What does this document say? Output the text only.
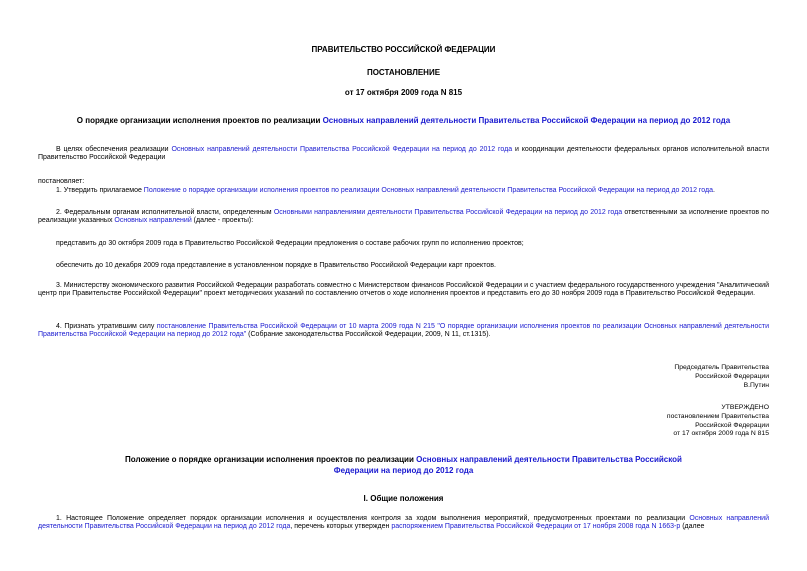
ПРАВИТЕЛЬСТВО РОССИЙСКОЙ ФЕДЕРАЦИИ
ПОСТАНОВЛЕНИЕ
от 17 октября 2009 года N 815
О порядке организации исполнения проектов по реализации Основных направлений деятельности Правительства Российской Федерации на период до 2012 года

В целях обеспечения реализации Основных направлений деятельности Правительства Российской Федерации на период до 2012 года и координации деятельности федеральных органов исполнительной власти Правительство Российской Федерации

постановляет:

1. Утвердить прилагаемое Положение о порядке организации исполнения проектов по реализации Основных направлений деятельности Правительства Российской Федерации на период до 2012 года.

2. Федеральным органам исполнительной власти, определенным Основными направлениями деятельности Правительства Российской Федерации на период до 2012 года ответственными за исполнение проектов по реализации указанных Основных направлений (далее - проекты):

представить до 30 октября 2009 года в Правительство Российской Федерации предложения о составе рабочих групп по исполнению проектов;

обеспечить до 10 декабря 2009 года представление в установленном порядке в Правительство Российской Федерации карт проектов.

3. Министерству экономического развития Российской Федерации разработать совместно с Министерством финансов Российской Федерации и с участием федерального государственного учреждения "Аналитический центр при Правительстве Российской Федерации" проект методических указаний по составлению отчетов о ходе исполнения проектов и представить его до 30 ноября 2009 года в Правительство Российской Федерации.

4. Признать утратившим силу постановление Правительства Российской Федерации от 10 марта 2009 года N 215 "О порядке организации исполнения проектов по реализации Основных направлений деятельности Правительства Российской Федерации на период до 2012 года" (Собрание законодательства Российской Федерации, 2009, N 11, ст.1315).

Председатель Правительства
Российской Федерации
В.Путин
УТВЕРЖДЕНО
постановлением Правительства
Российской Федерации
от 17 октября 2009 года N 815
Положение о порядке организации исполнения проектов по реализации Основных направлений деятельности Правительства Российской Федерации на период до 2012 года
I. Общие положения

1. Настоящее Положение определяет порядок организации исполнения и осуществления контроля за ходом выполнения мероприятий, предусмотренных проектами по реализации Основных направлений деятельности Правительства Российской Федерации на период до 2012 года, перечень которых утвержден распоряжением Правительства Российской Федерации от 17 ноября 2008 года N 1663-р (далее
